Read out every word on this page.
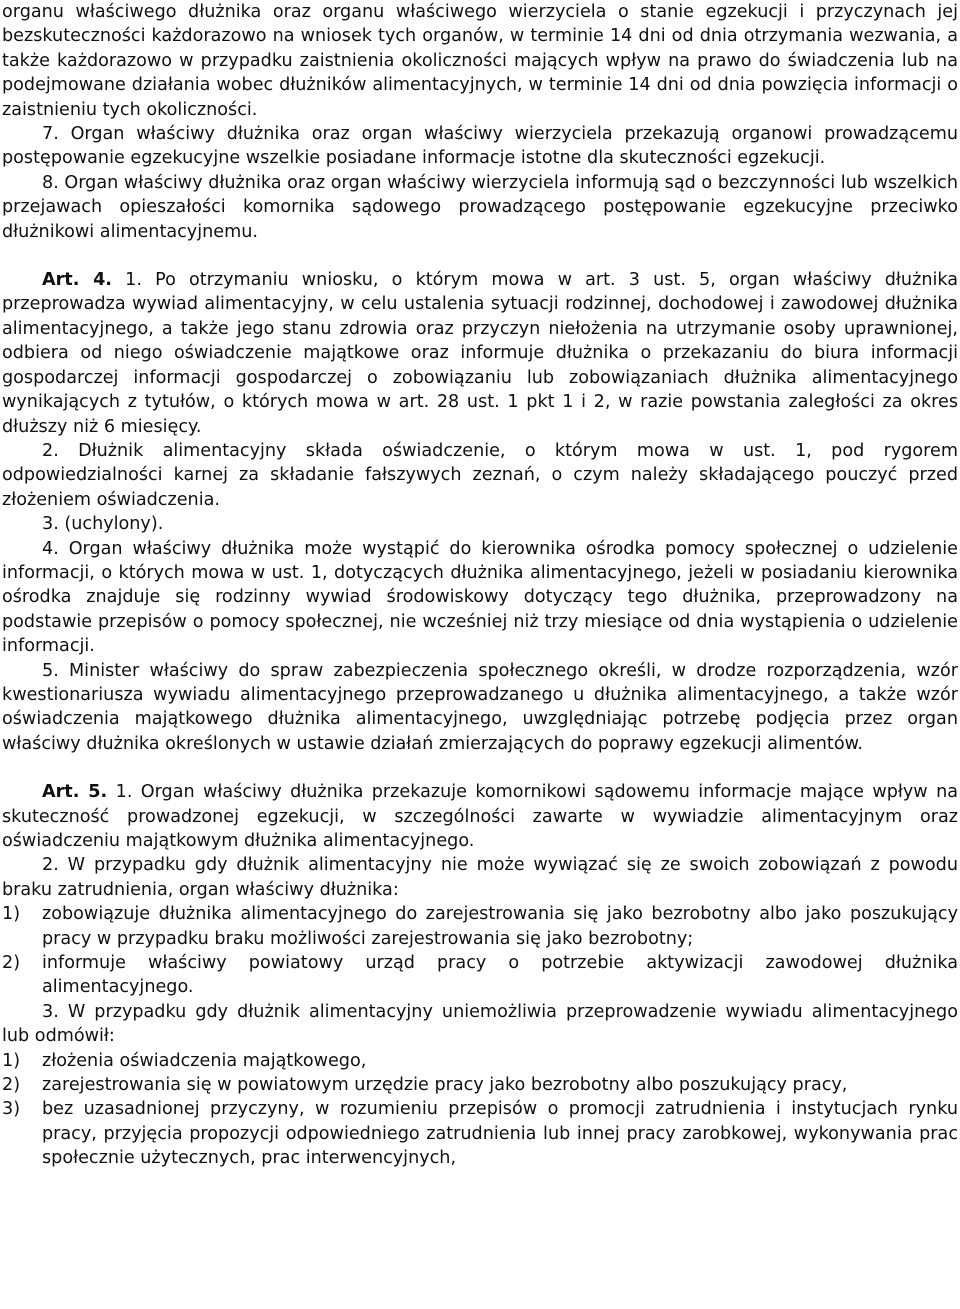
organu właściwego dłużnika oraz organu właściwego wierzyciela o stanie egzekucji i przyczynach jej bezskuteczności każdorazowo na wniosek tych organów, w terminie 14 dni od dnia otrzymania wezwania, a także każdorazowo w przypadku zaistnienia okoliczności mających wpływ na prawo do świadczenia lub na podejmowane działania wobec dłużników alimentacyjnych, w terminie 14 dni od dnia powzięcia informacji o zaistnieniu tych okoliczności.

7. Organ właściwy dłużnika oraz organ właściwy wierzyciela przekazują organowi prowadzącemu postępowanie egzekucyjne wszelkie posiadane informacje istotne dla skuteczności egzekucji.

8. Organ właściwy dłużnika oraz organ właściwy wierzyciela informują sąd o bezczynności lub wszelkich przejawach opieszałości komornika sądowego prowadzącego postępowanie egzekucyjne przeciwko dłużnikowi alimentacyjnemu.

Art. 4. 1. Po otrzymaniu wniosku, o którym mowa w art. 3 ust. 5, organ właściwy dłużnika przeprowadza wywiad alimentacyjny, w celu ustalenia sytuacji rodzinnej, dochodowej i zawodowej dłużnika alimentacyjnego, a także jego stanu zdrowia oraz przyczyn niełożenia na utrzymanie osoby uprawnionej, odbiera od niego oświadczenie majątkowe oraz informuje dłużnika o przekazaniu do biura informacji gospodarczej informacji gospodarczej o zobowiązaniu lub zobowiązaniach dłużnika alimentacyjnego wynikających z tytułów, o których mowa w art. 28 ust. 1 pkt 1 i 2, w razie powstania zaległości za okres dłuższy niż 6 miesięcy.

2. Dłużnik alimentacyjny składa oświadczenie, o którym mowa w ust. 1, pod rygorem odpowiedzialności karnej za składanie fałszywych zeznań, o czym należy składającego pouczyć przed złożeniem oświadczenia.

3. (uchylony).

4. Organ właściwy dłużnika może wystąpić do kierownika ośrodka pomocy społecznej o udzielenie informacji, o których mowa w ust. 1, dotyczących dłużnika alimentacyjnego, jeżeli w posiadaniu kierownika ośrodka znajduje się rodzinny wywiad środowiskowy dotyczący tego dłużnika, przeprowadzony na podstawie przepisów o pomocy społecznej, nie wcześniej niż trzy miesiące od dnia wystąpienia o udzielenie informacji.

5. Minister właściwy do spraw zabezpieczenia społecznego określi, w drodze rozporządzenia, wzór kwestionariusza wywiadu alimentacyjnego przeprowadzanego u dłużnika alimentacyjnego, a także wzór oświadczenia majątkowego dłużnika alimentacyjnego, uwzględniając potrzebę podjęcia przez organ właściwy dłużnika określonych w ustawie działań zmierzających do poprawy egzekucji alimentów.

Art. 5. 1. Organ właściwy dłużnika przekazuje komornikowi sądowemu informacje mające wpływ na skuteczność prowadzonej egzekucji, w szczególności zawarte w wywiadzie alimentacyjnym oraz oświadczeniu majątkowym dłużnika alimentacyjnego.

2. W przypadku gdy dłużnik alimentacyjny nie może wywiązać się ze swoich zobowiązań z powodu braku zatrudnienia, organ właściwy dłużnika:

1)	zobowiązuje dłużnika alimentacyjnego do zarejestrowania się jako bezrobotny albo jako poszukujący pracy w przypadku braku możliwości zarejestrowania się jako bezrobotny;
2)	informuje właściwy powiatowy urząd pracy o potrzebie aktywizacji zawodowej dłużnika alimentacyjnego.

3. W przypadku gdy dłużnik alimentacyjny uniemożliwia przeprowadzenie wywiadu alimentacyjnego lub odmówił:

1)	złożenia oświadczenia majątkowego,
2)	zarejestrowania się w powiatowym urzędzie pracy jako bezrobotny albo poszukujący pracy,
3)	bez uzasadnionej przyczyny, w rozumieniu przepisów o promocji zatrudnienia i instytucjach rynku pracy, przyjęcia propozycji odpowiedniego zatrudnienia lub innej pracy zarobkowej, wykonywania prac społecznie użytecznych, prac interwencyjnych,
